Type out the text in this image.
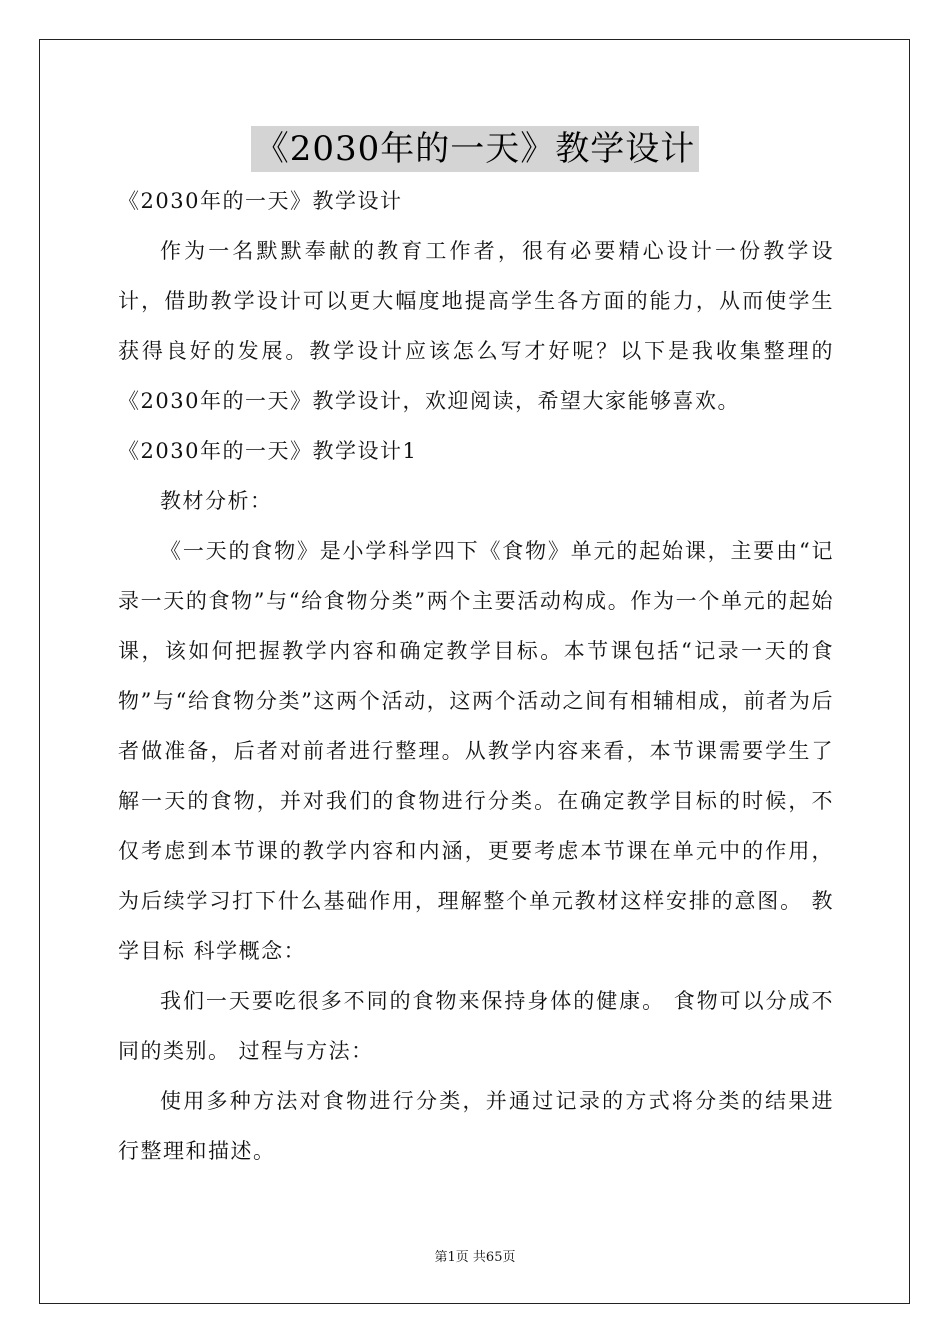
《2030年的一天》教学设计

《2030年的一天》教学设计

作为一名默默奉献的教育工作者，很有必要精心设计一份教学设计，借助教学设计可以更大幅度地提高学生各方面的能力，从而使学生获得良好的发展。教学设计应该怎么写才好呢？以下是我收集整理的《2030年的一天》教学设计，欢迎阅读，希望大家能够喜欢。

《2030年的一天》教学设计1

教材分析：

《一天的食物》是小学科学四下《食物》单元的起始课，主要由“记录一天的食物”与“给食物分类”两个主要活动构成。作为一个单元的起始课，该如何把握教学内容和确定教学目标。本节课包括“记录一天的食物”与“给食物分类”这两个活动，这两个活动之间有相辅相成，前者为后者做准备，后者对前者进行整理。从教学内容来看，本节课需要学生了解一天的食物，并对我们的食物进行分类。在确定教学目标的时候，不仅考虑到本节课的教学内容和内涵，更要考虑本节课在单元中的作用，为后续学习打下什么基础作用，理解整个单元教材这样安排的意图。 教学目标 科学概念：

我们一天要吃很多不同的食物来保持身体的健康。 食物可以分成不同的类别。 过程与方法：

使用多种方法对食物进行分类，并通过记录的方式将分类的结果进行整理和描述。

第1页 共65页
